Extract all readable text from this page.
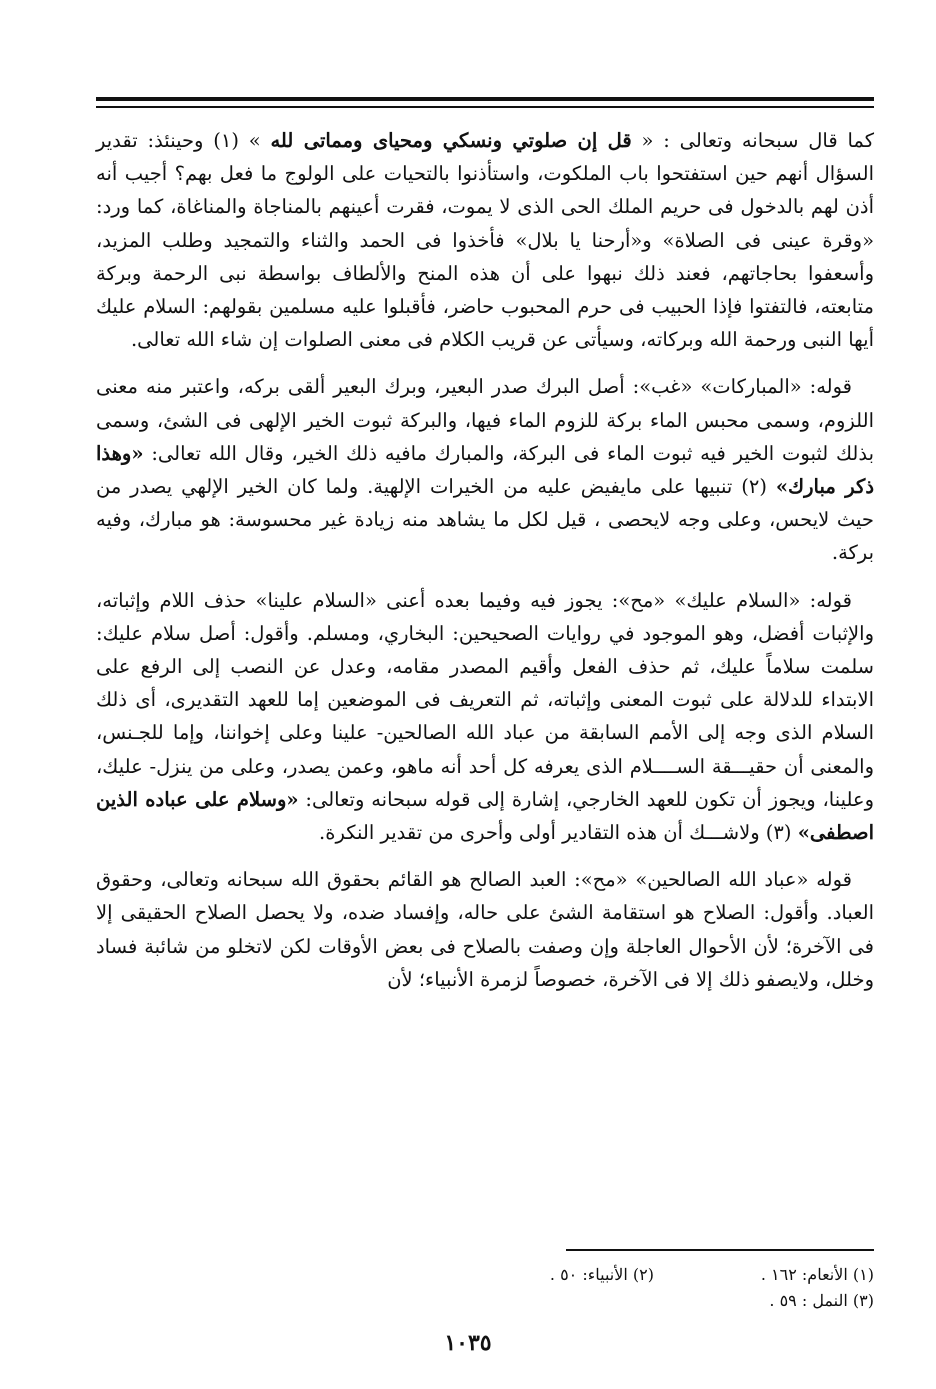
كما قال سبحانه وتعالى : « قل إن صلوتي ونسكي ومحياى ومماتى لله » (١) وحينئذ: تقدير السؤال أنهم حين استفتحوا باب الملكوت، واستأذنوا بالتحيات على الولوج ما فعل بهم؟ أجيب أنه أذن لهم بالدخول فى حريم الملك الحى الذى لا يموت، فقرت أعينهم بالمناجاة والمناغاة، كما ورد: «وقرة عينى فى الصلاة» و«أرحنا يا بلال» فأخذوا فى الحمد والثناء والتمجيد وطلب المزيد، وأسعفوا بحاجاتهم، فعند ذلك نبهوا على أن هذه المنح والألطاف بواسطة نبى الرحمة وبركة متابعته، فالتفتوا فإذا الحبيب فى حرم المحبوب حاضر، فأقبلوا عليه مسلمين بقولهم: السلام عليك أيها النبى ورحمة الله وبركاته، وسيأتى عن قريب الكلام فى معنى الصلوات إن شاء الله تعالى.

قوله: «المباركات» «غب»: أصل البرك صدر البعير، وبرك البعير ألقى بركه، واعتبر منه معنى اللزوم، وسمى محبس الماء بركة للزوم الماء فيها، والبركة ثبوت الخير الإلهى فى الشئ، وسمى بذلك لثبوت الخير فيه ثبوت الماء فى البركة، والمبارك مافيه ذلك الخير، وقال الله تعالى: «وهذا ذكر مبارك» (٢) تنبيها على مايفيض عليه من الخيرات الإلهية. ولما كان الخير الإلهي يصدر من حيث لايحس، وعلى وجه لايحصى ، قيل لكل ما يشاهد منه زيادة غير محسوسة: هو مبارك، وفيه بركة.

قوله: «السلام عليك» «مح»: يجوز فيه وفيما بعده أعنى «السلام علينا» حذف اللام وإثباته، والإثبات أفضل، وهو الموجود في روايات الصحيحين: البخاري، ومسلم. وأقول: أصل سلام عليك: سلمت سلاماً عليك، ثم حذف الفعل وأقيم المصدر مقامه، وعدل عن النصب إلى الرفع على الابتداء للدلالة على ثبوت المعنى وإثباته، ثم التعريف فى الموضعين إما للعهد التقديرى، أى ذلك السلام الذى وجه إلى الأمم السابقة من عباد الله الصالحين- علينا وعلى إخواننا، وإما للجـنس، والمعنى أن حقيـــقة الســــلام الذى يعرفه كل أحد أنه ماهو، وعمن يصدر، وعلى من ينزل- عليك، وعلينا، ويجوز أن تكون للعهد الخارجي، إشارة إلى قوله سبحانه وتعالى: «وسلام على عباده الذين اصطفى» (٣) ولاشـــك أن هذه التقادير أولى وأحرى من تقدير النكرة.

قوله «عباد الله الصالحين» «مح»: العبد الصالح هو القائم بحقوق الله سبحانه وتعالى، وحقوق العباد. وأقول: الصلاح هو استقامة الشئ على حاله، وإفساد ضده، ولا يحصل الصلاح الحقيقى إلا فى الآخرة؛ لأن الأحوال العاجلة وإن وصفت بالصلاح فى بعض الأوقات لكن لاتخلو من شائبة فساد وخلل، ولايصفو ذلك إلا فى الآخرة، خصوصاً لزمرة الأنبياء؛ لأن

(١) الأنعام: ١٦٢ .
(٢) الأنبياء: ٥٠ .
(٣) النمل : ٥٩ .
١٠٣٥
